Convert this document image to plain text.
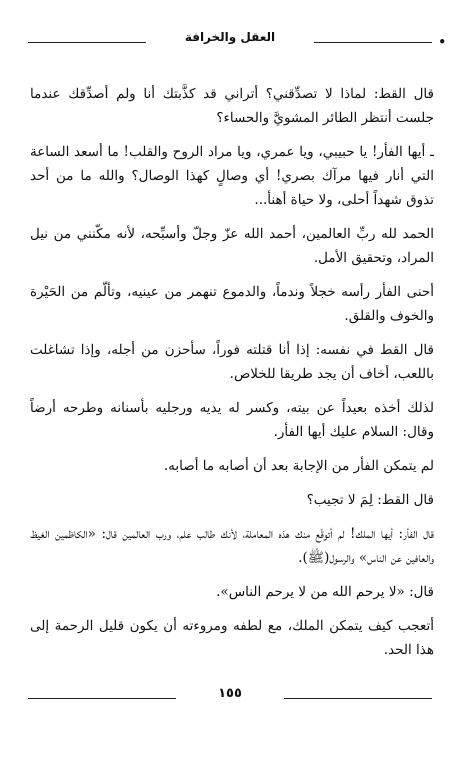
•
العقل والخرافة

قال القط: لماذا لا تصدِّقني؟ أتراني قد كذَّبتك أنا ولم أصدِّقك عندما جلست أنتظر الطائر المشويَّ والحساء؟

ـ أيها الفأر! يا حبيبي، ويا عمري، ويا مراد الروح والقلب! ما أسعد الساعة التي أنار فيها مرآك بصري! أي وصالٍ كهذا الوصال؟ والله ما من أحد تذوق شهداً أحلى، ولا حياة أهنأ...

الحمد لله ربِّ العالمين، أحمد الله عزّ وجلّ وأسبِّحه، لأنه مكّنني من نيل المراد، وتحقيق الأمل.

أحنى الفأر رأسه خجلاً وندماً، والدموع تنهمر من عينيه، وتألّم من الحَيْرة والخوف والقلق.

قال القط في نفسه: إذا أنا قتلته فوراً، سأحزن من أجله، وإذا تشاغلت باللعب، أخاف أن يجد طريقا للخلاص.

لذلك أخذه بعيداً عن بيته، وكسر له يديه ورجليه بأسنانه وطرحه أرضاً وقال: السلام عليك أيها الفأر.

لم يتمكن الفأر من الإجابة بعد أن أصابه ما أصابه.

قال القط: لِمَ لا تجيب؟

قال الفأر: أيها الملك! لم أتوقّع منك هذه المعاملة، لأنك طالب علم، ورب العالمين قال: «الكاظمين الغيظ والعافين عن الناس» والرسول(ﷺ).

قال: «لا يرحم الله من لا يرحم الناس».

أتعجب كيف يتمكن الملك، مع لطفه ومروءته أن يكون قليل الرحمة إلى هذا الحد.

١٥٥
